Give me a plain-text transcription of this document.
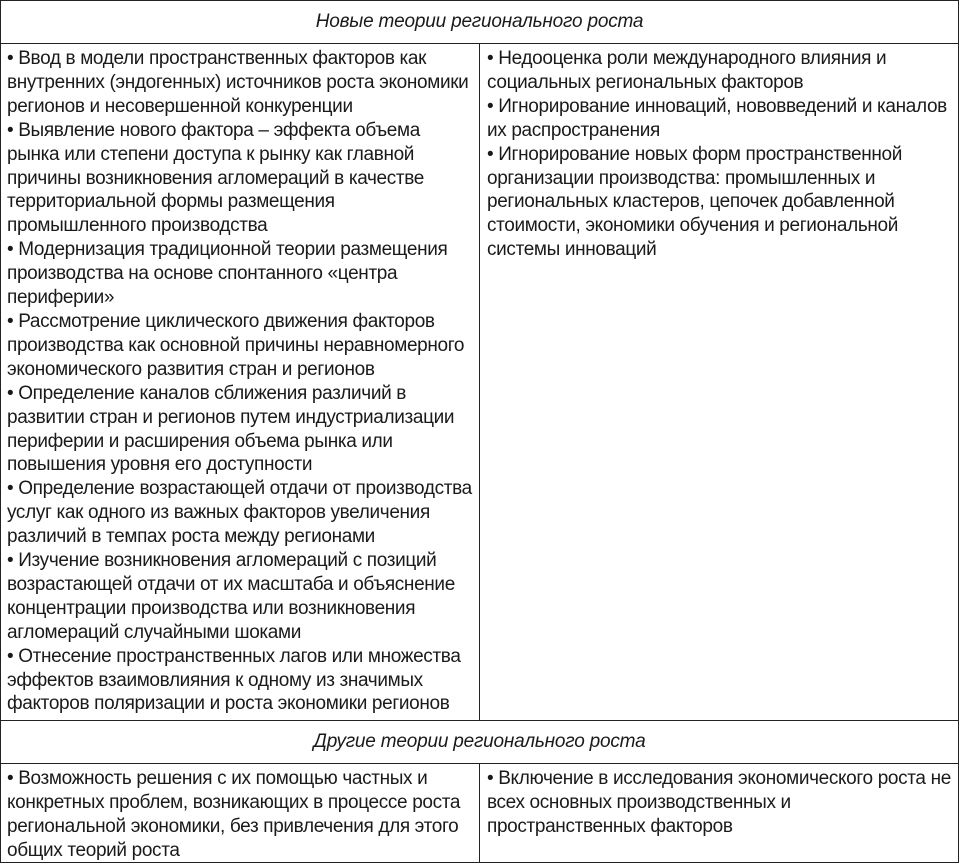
Новые теории регионального роста
• Ввод в модели пространственных факторов как внутренних (эндогенных) источников роста экономики регионов и несовершенной конкуренции
• Выявление нового фактора – эффекта объема рынка или степени доступа к рынку как главной причины возникновения агломераций в качестве территориальной формы размещения промышленного производства
• Модернизация традиционной теории размещения производства на основе спонтанного «центра периферии»
• Рассмотрение циклического движения факторов производства как основной причины неравномерного экономического развития стран и регионов
• Определение каналов сближения различий в развитии стран и регионов путем индустриализации периферии и расширения объема рынка или повышения уровня его доступности
• Определение возрастающей отдачи от производства услуг как одного из важных факторов увеличения различий в темпах роста между регионами
• Изучение возникновения агломераций с позиций возрастающей отдачи от их масштаба и объяснение концентрации производства или возникновения агломераций случайными шоками
• Отнесение пространственных лагов или множества эффектов взаимовлияния к одному из значимых факторов поляризации и роста экономики регионов
• Недооценка роли международного влияния и социальных региональных факторов
• Игнорирование инноваций, нововведений и каналов их распространения
• Игнорирование новых форм пространственной организации производства: промышленных и региональных кластеров, цепочек добавленной стоимости, экономики обучения и региональной системы инноваций
Другие теории регионального роста
• Возможность решения с их помощью частных и конкретных проблем, возникающих в процессе роста региональной экономики, без привлечения для этого общих теорий роста
• Включение в исследования экономического роста не всех основных производственных и пространственных факторов
